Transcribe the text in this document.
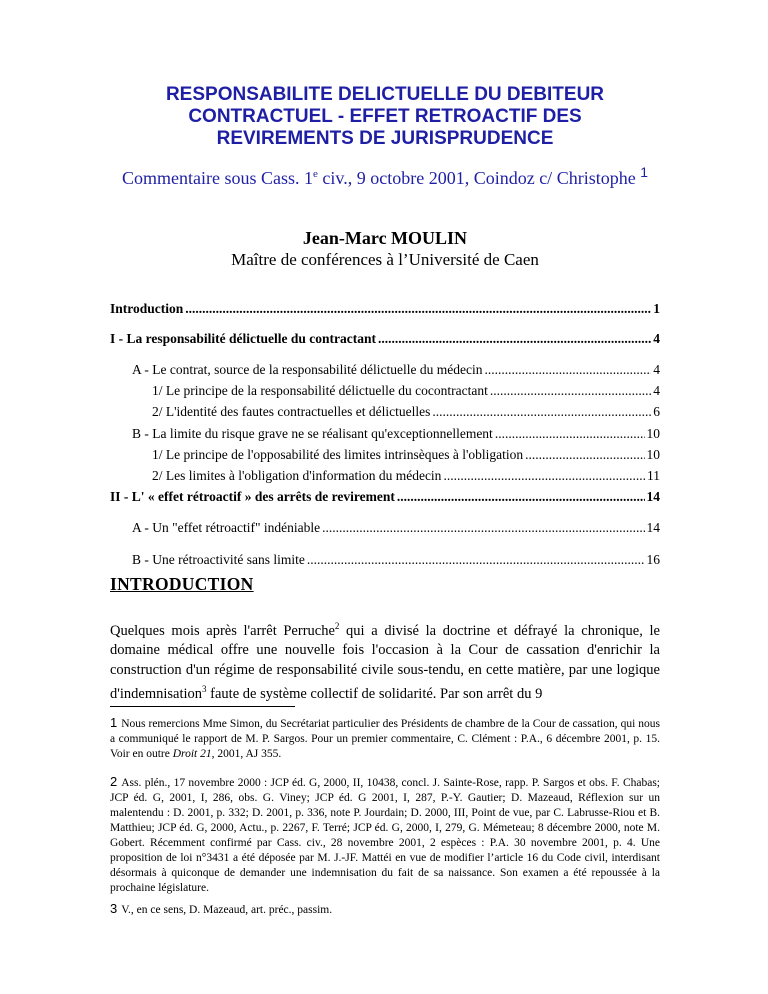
RESPONSABILITE DELICTUELLE DU DEBITEUR
CONTRACTUEL - EFFET RETROACTIF DES
REVIREMENTS DE JURISPRUDENCE

Commentaire sous Cass. 1e civ., 9 octobre 2001, Coindoz c/ Christophe $^1$

Jean-Marc MOULIN

Maître de conférences à l’Université de Caen

Introduction .....	1
I - La responsabilité délictuelle du contractant .....	4
A - Le contrat, source de la responsabilité délictuelle du médecin .....	4
1/ Le principe de la responsabilité délictuelle du cocontractant .....	4
2/ L'identité des fautes contractuelles et délictuelles .....	6
B - La limite du risque grave ne se réalisant qu'exceptionnellement .....	10
1/ Le principe de l'opposabilité des limites intrinsèques à l'obligation .....	10
2/ Les limites à l'obligation d'information du médecin .....	11
II - L' « effet rétroactif » des arrêts de revirement .....	14
A - Un "effet rétroactif" indéniable .....	14
B - Une rétroactivité sans limite .....	16
INTRODUCTION

Quelques mois après l'arrêt Perruche$^2$ qui a divisé la doctrine et défrayé la chronique, le domaine médical offre une nouvelle fois l'occasion à la Cour de cassation d'enrichir la construction d'un régime de responsabilité civile sous-tendu, en cette matière, par une logique d'indemnisation$^3$ faute de système collectif de solidarité. Par son arrêt du 9

1 Nous remercions Mme Simon, du Secrétariat particulier des Présidents de chambre de la Cour de cassation, qui nous a communiqué le rapport de M. P. Sargos. Pour un premier commentaire, C. Clément : P.A., 6 décembre 2001, p. 15. Voir en outre Droit 21, 2001, AJ 355.

2 Ass. plén., 17 novembre 2000 : JCP éd. G, 2000, II, 10438, concl. J. Sainte-Rose, rapp. P. Sargos et obs. F. Chabas; JCP éd. G, 2001, I, 286, obs. G. Viney; JCP éd. G 2001, I, 287, P.-Y. Gautier; D. Mazeaud, Réflexion sur un malentendu : D. 2001, p. 332; D. 2001, p. 336, note P. Jourdain; D. 2000, III, Point de vue, par C. Labrusse-Riou et B. Matthieu; JCP éd. G, 2000, Actu., p. 2267, F. Terré; JCP éd. G, 2000, I, 279, G. Mémeteau; 8 décembre 2000, note M. Gobert. Récemment confirmé par Cass. civ., 28 novembre 2001, 2 espèces : P.A. 30 novembre 2001, p. 4. Une proposition de loi n°3431 a été déposée par M. J.-JF. Mattéi en vue de modifier l’article 16 du Code civil, interdisant désormais à quiconque de demander une indemnisation du fait de sa naissance. Son examen a été repoussée à la prochaine législature.

3 V., en ce sens, D. Mazeaud, art. préc., passim.
